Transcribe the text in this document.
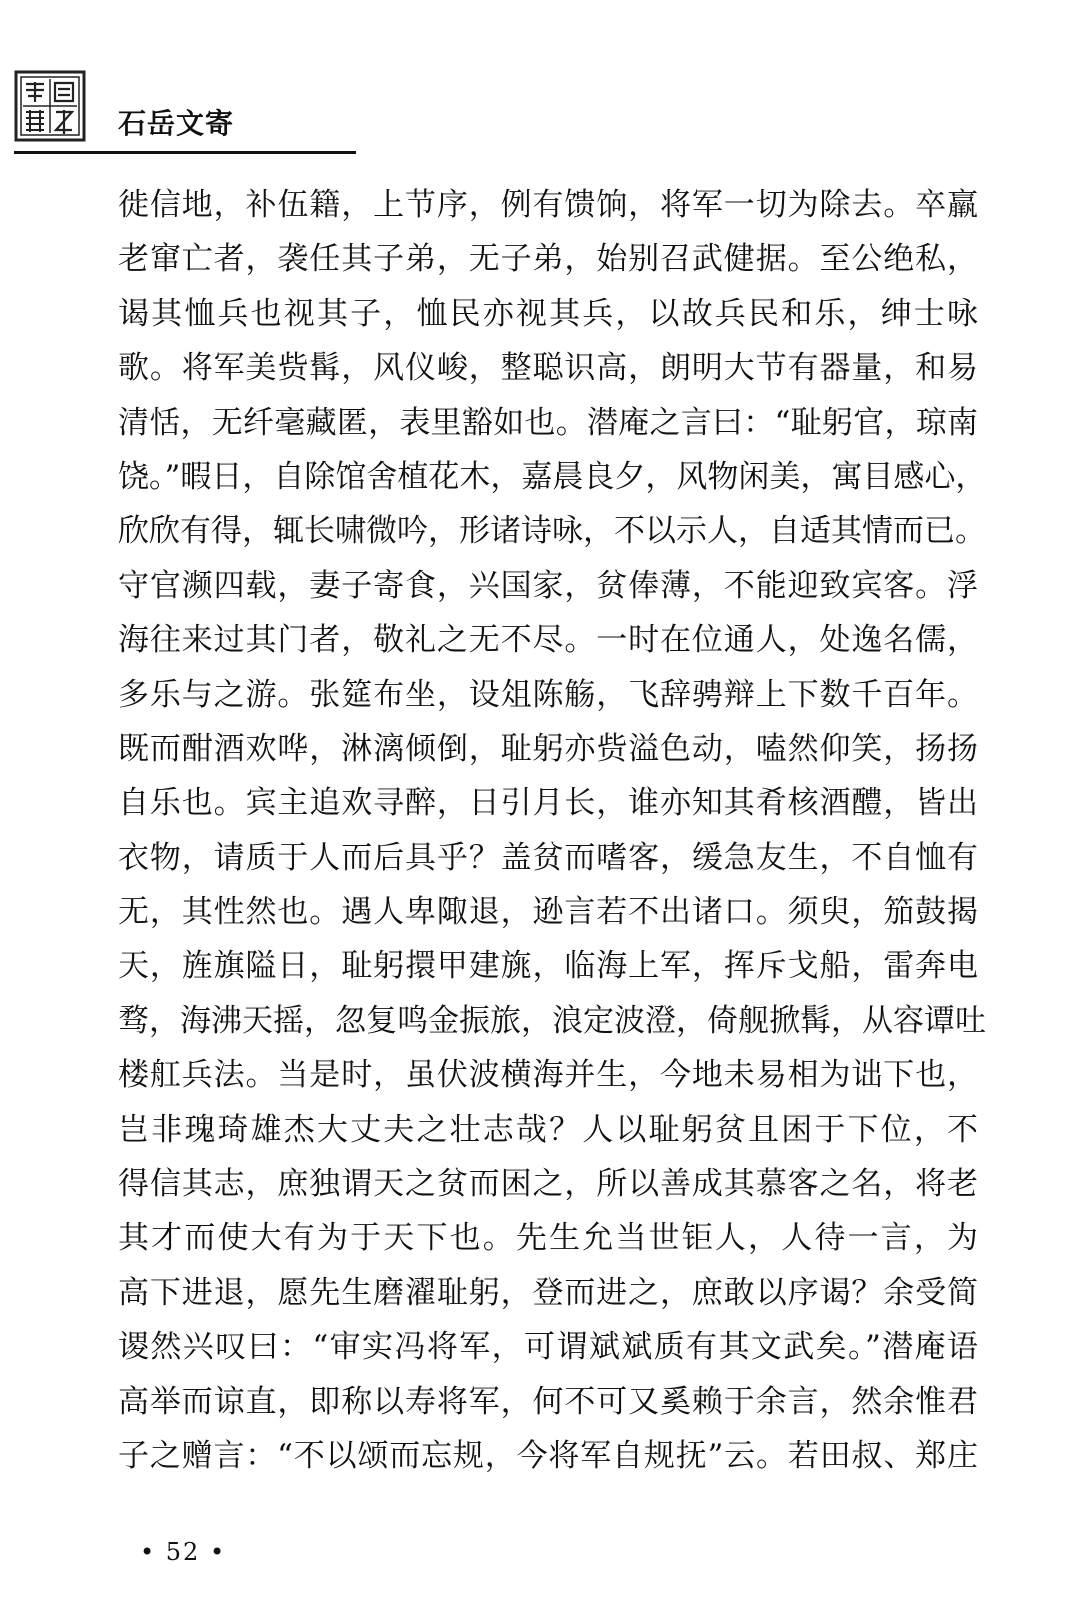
石岳文寄
徙信地，补伍籍，上节序，例有馈饷，将军一切为除去。卒羸
老窜亡者，袭任其子弟，无子弟，始别召武健据。至公绝私，
谒其恤兵也视其子，恤民亦视其兵，以故兵民和乐，绅士咏
歌。将军美赀髯，风仪峻，整聪识高，朗明大节有器量，和易
清恬，无纤毫藏匿，表里豁如也。潜庵之言曰：“耻躬官，琼南
饶。”暇日，自除馆舍植花木，嘉晨良夕，风物闲美，寓目感心，
欣欣有得，辄长啸微吟，形诸诗咏，不以示人，自适其情而已。
守官濒四载，妻子寄食，兴国家，贫俸薄，不能迎致宾客。浮
海往来过其门者，敬礼之无不尽。一时在位通人，处逸名儒，
多乐与之游。张筵布坐，设俎陈觞，飞辞骋辩上下数千百年。
既而酣酒欢哗，淋漓倾倒，耻躬亦赀溢色动，嗑然仰笑，扬扬
自乐也。宾主追欢寻醉，日引月长，谁亦知其肴核酒醴，皆出
衣物，请质于人而后具乎？盖贫而嗜客，缓急友生，不自恤有
无，其性然也。遇人卑陬退，逊言若不出诸口。须臾，笳鼓揭
天，旌旗隘日，耻躬擐甲建旐，临海上军，挥斥戈船，雷奔电
骛，海沸天摇，忽复鸣金振旅，浪定波澄，倚舰掀髯，从容谭吐
楼舡兵法。当是时，虽伏波横海并生，今地未易相为诎下也，
岂非瑰琦雄杰大丈夫之壮志哉？人以耻躬贫且困于下位，不
得信其志，庶独谓天之贫而困之，所以善成其慕客之名，将老
其才而使大有为于天下也。先生允当世钜人，人待一言，为
高下进退，愿先生磨濯耻躬，登而进之，庶敢以序谒？余受简
谡然兴叹曰：“审实冯将军，可谓斌斌质有其文武矣。”潜庵语
高举而谅直，即称以寿将军，何不可又奚赖于余言，然余惟君
子之赠言：“不以颂而忘规，今将军自规抚”云。若田叔、郑庄
• 52 •
